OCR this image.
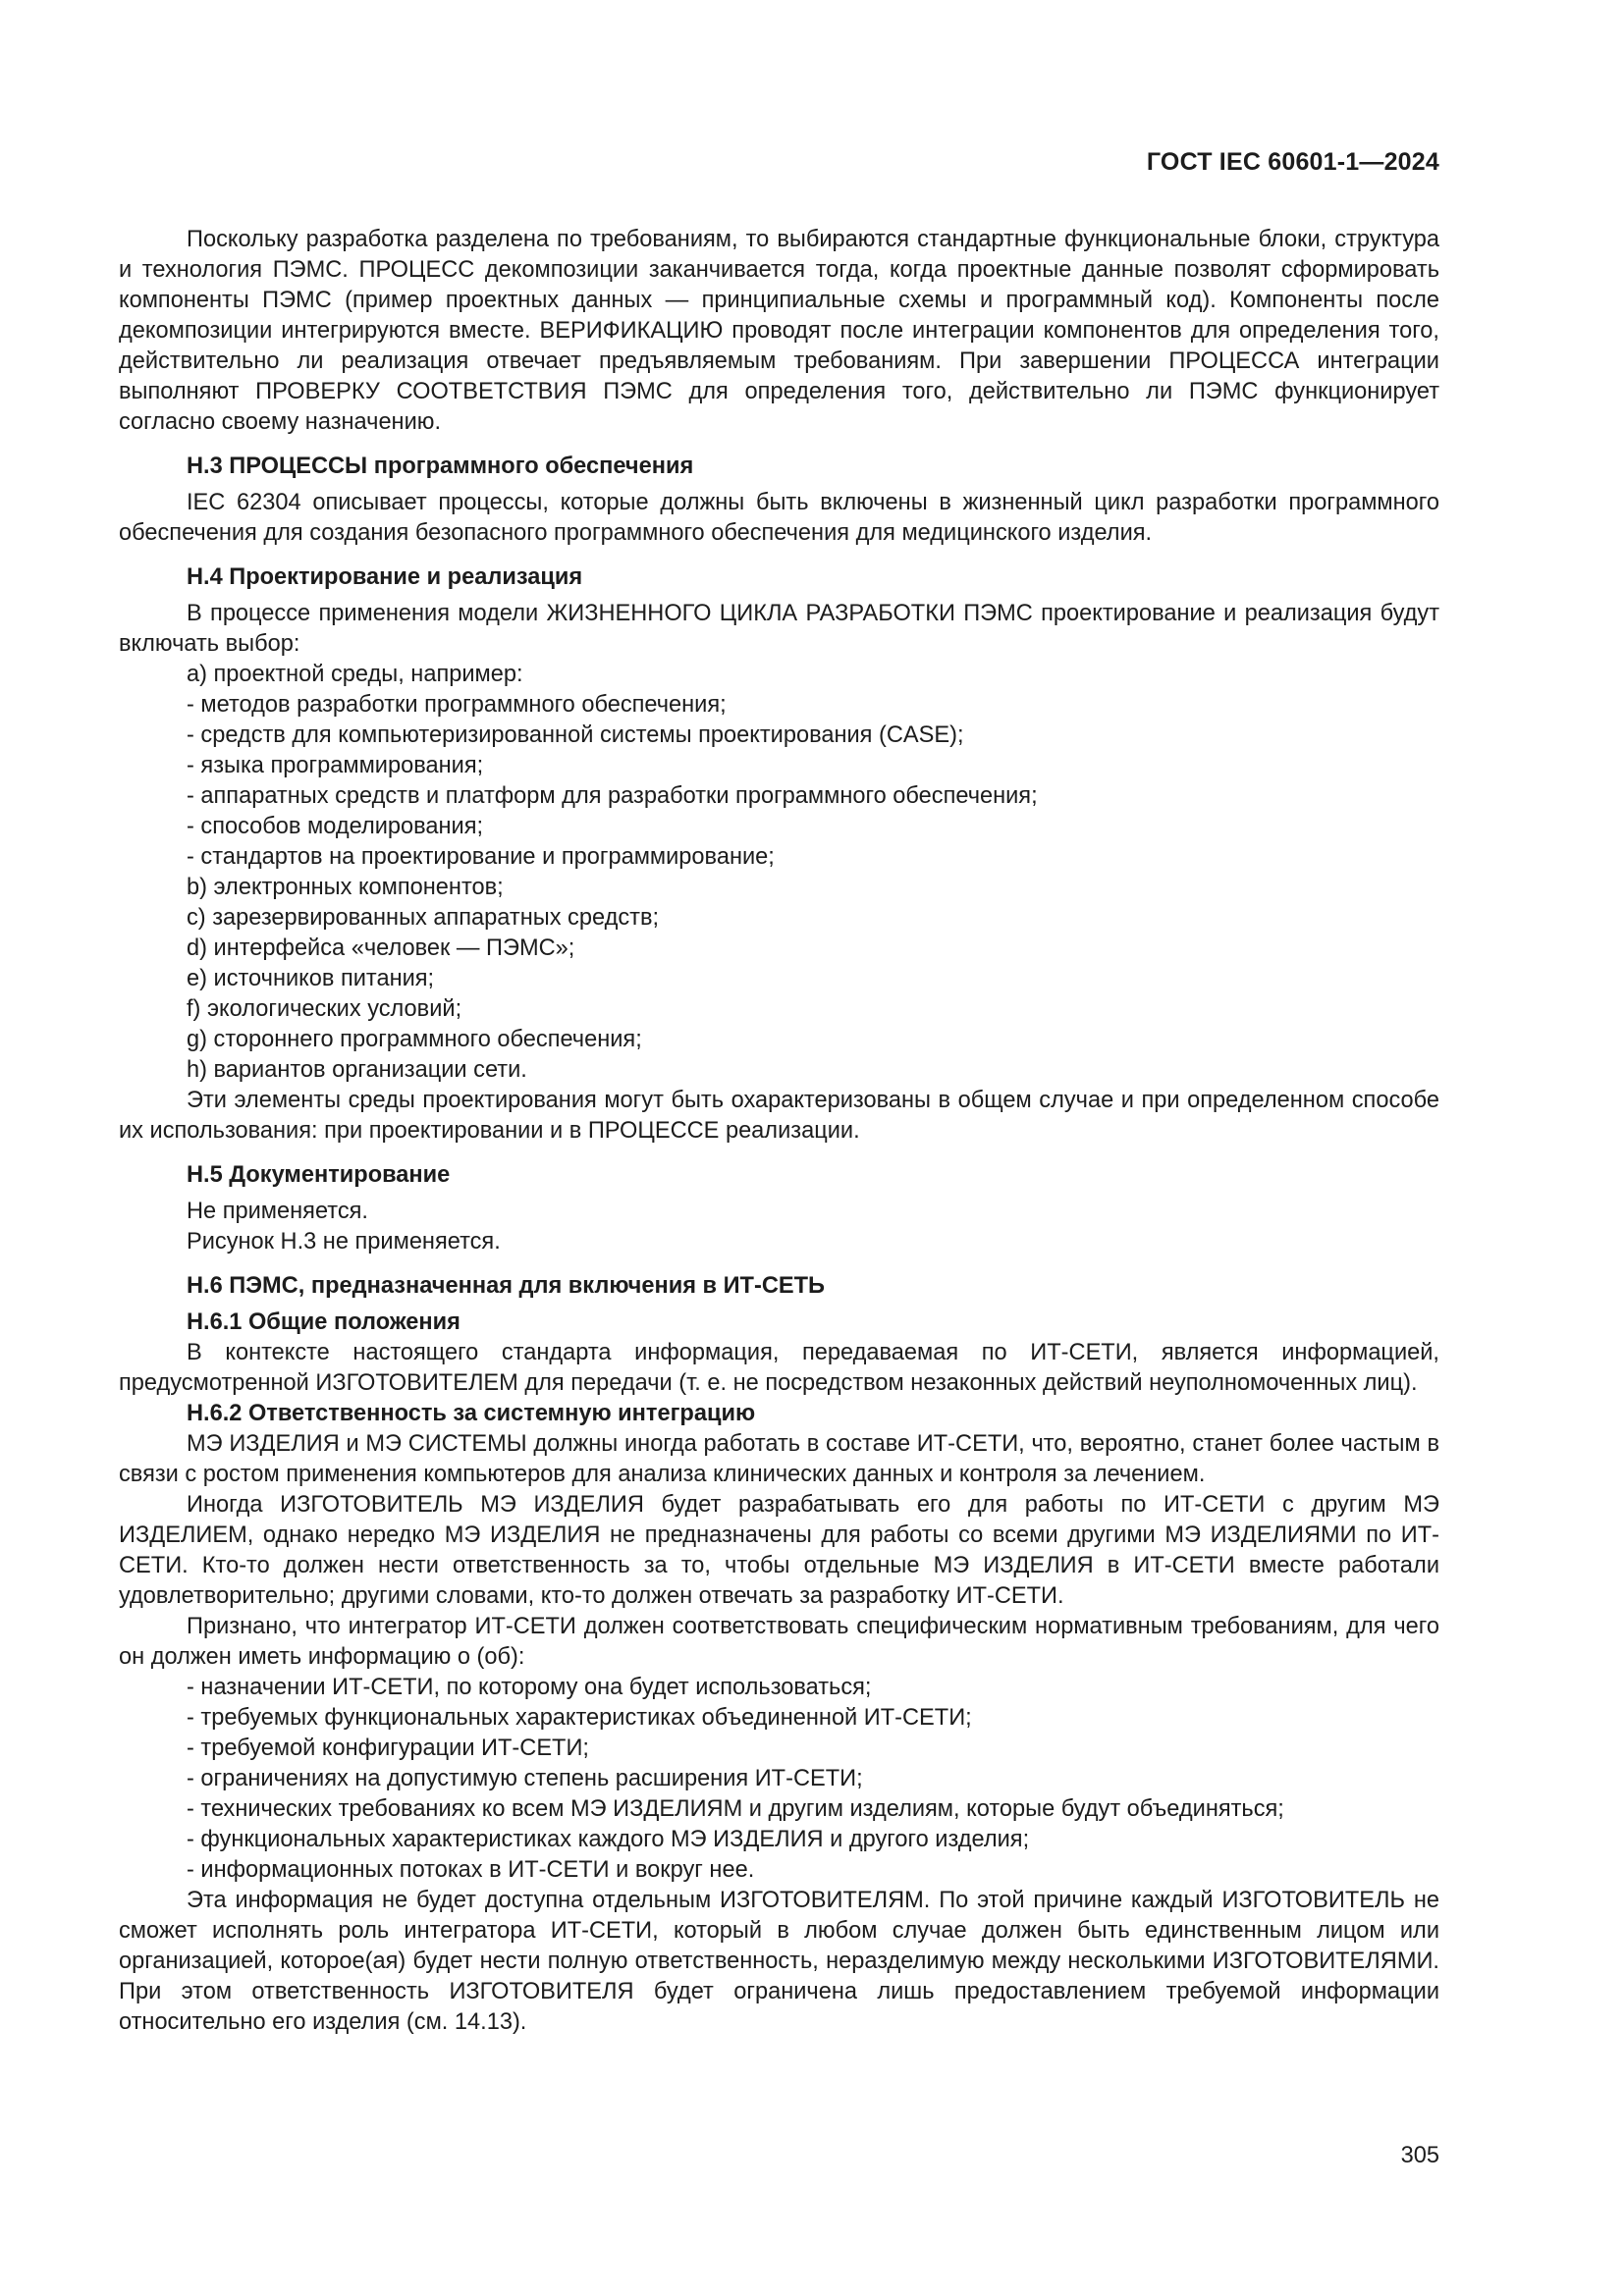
ГОСТ IEC 60601-1—2024

Поскольку разработка разделена по требованиям, то выбираются стандартные функциональные блоки, структура и технология ПЭМС. ПРОЦЕСС декомпозиции заканчивается тогда, когда проектные данные позволят сформировать компоненты ПЭМС (пример проектных данных — принципиальные схемы и программный код). Компоненты после декомпозиции интегрируются вместе. ВЕРИФИКАЦИЮ проводят после интеграции компонентов для определения того, действительно ли реализация отвечает предъявляемым требованиям. При завершении ПРОЦЕССА интеграции выполняют ПРОВЕРКУ СООТВЕТСТВИЯ ПЭМС для определения того, действительно ли ПЭМС функционирует согласно своему назначению.

Н.3 ПРОЦЕССЫ программного обеспечения

IEC 62304 описывает процессы, которые должны быть включены в жизненный цикл разработки программного обеспечения для создания безопасного программного обеспечения для медицинского изделия.

Н.4 Проектирование и реализация

В процессе применения модели ЖИЗНЕННОГО ЦИКЛА РАЗРАБОТКИ ПЭМС проектирование и реализация будут включать выбор:

a) проектной среды, например:
- методов разработки программного обеспечения;
- средств для компьютеризированной системы проектирования (CASE);
- языка программирования;
- аппаратных средств и платформ для разработки программного обеспечения;
- способов моделирования;
- стандартов на проектирование и программирование;
b) электронных компонентов;
c) зарезервированных аппаратных средств;
d) интерфейса «человек — ПЭМС»;
e) источников питания;
f) экологических условий;
g) стороннего программного обеспечения;
h) вариантов организации сети.

Эти элементы среды проектирования могут быть охарактеризованы в общем случае и при определенном способе их использования: при проектировании и в ПРОЦЕССЕ реализации.

Н.5 Документирование
Не применяется.
Рисунок Н.3 не применяется.
Н.6 ПЭМС, предназначенная для включения в ИТ-СЕТЬ
Н.6.1 Общие положения

В контексте настоящего стандарта информация, передаваемая по ИТ-СЕТИ, является информацией, предусмотренной ИЗГОТОВИТЕЛЕМ для передачи (т. е. не посредством незаконных действий неуполномоченных лиц).

Н.6.2 Ответственность за системную интеграцию

МЭ ИЗДЕЛИЯ и МЭ СИСТЕМЫ должны иногда работать в составе ИТ-СЕТИ, что, вероятно, станет более частым в связи с ростом применения компьютеров для анализа клинических данных и контроля за лечением.

Иногда ИЗГОТОВИТЕЛЬ МЭ ИЗДЕЛИЯ будет разрабатывать его для работы по ИТ-СЕТИ с другим МЭ ИЗДЕЛИЕМ, однако нередко МЭ ИЗДЕЛИЯ не предназначены для работы со всеми другими МЭ ИЗДЕЛИЯМИ по ИТ-СЕТИ. Кто-то должен нести ответственность за то, чтобы отдельные МЭ ИЗДЕЛИЯ в ИТ-СЕТИ вместе работали удовлетворительно; другими словами, кто-то должен отвечать за разработку ИТ-СЕТИ.

Признано, что интегратор ИТ-СЕТИ должен соответствовать специфическим нормативным требованиям, для чего он должен иметь информацию о (об):

- назначении ИТ-СЕТИ, по которому она будет использоваться;
- требуемых функциональных характеристиках объединенной ИТ-СЕТИ;
- требуемой конфигурации ИТ-СЕТИ;
- ограничениях на допустимую степень расширения ИТ-СЕТИ;
- технических требованиях ко всем МЭ ИЗДЕЛИЯМ и другим изделиям, которые будут объединяться;
- функциональных характеристиках каждого МЭ ИЗДЕЛИЯ и другого изделия;
- информационных потоках в ИТ-СЕТИ и вокруг нее.

Эта информация не будет доступна отдельным ИЗГОТОВИТЕЛЯМ. По этой причине каждый ИЗГОТОВИТЕЛЬ не сможет исполнять роль интегратора ИТ-СЕТИ, который в любом случае должен быть единственным лицом или организацией, которое(ая) будет нести полную ответственность, неразделимую между несколькими ИЗГОТОВИТЕЛЯМИ. При этом ответственность ИЗГОТОВИТЕЛЯ будет ограничена лишь предоставлением требуемой информации относительно его изделия (см. 14.13).

305
